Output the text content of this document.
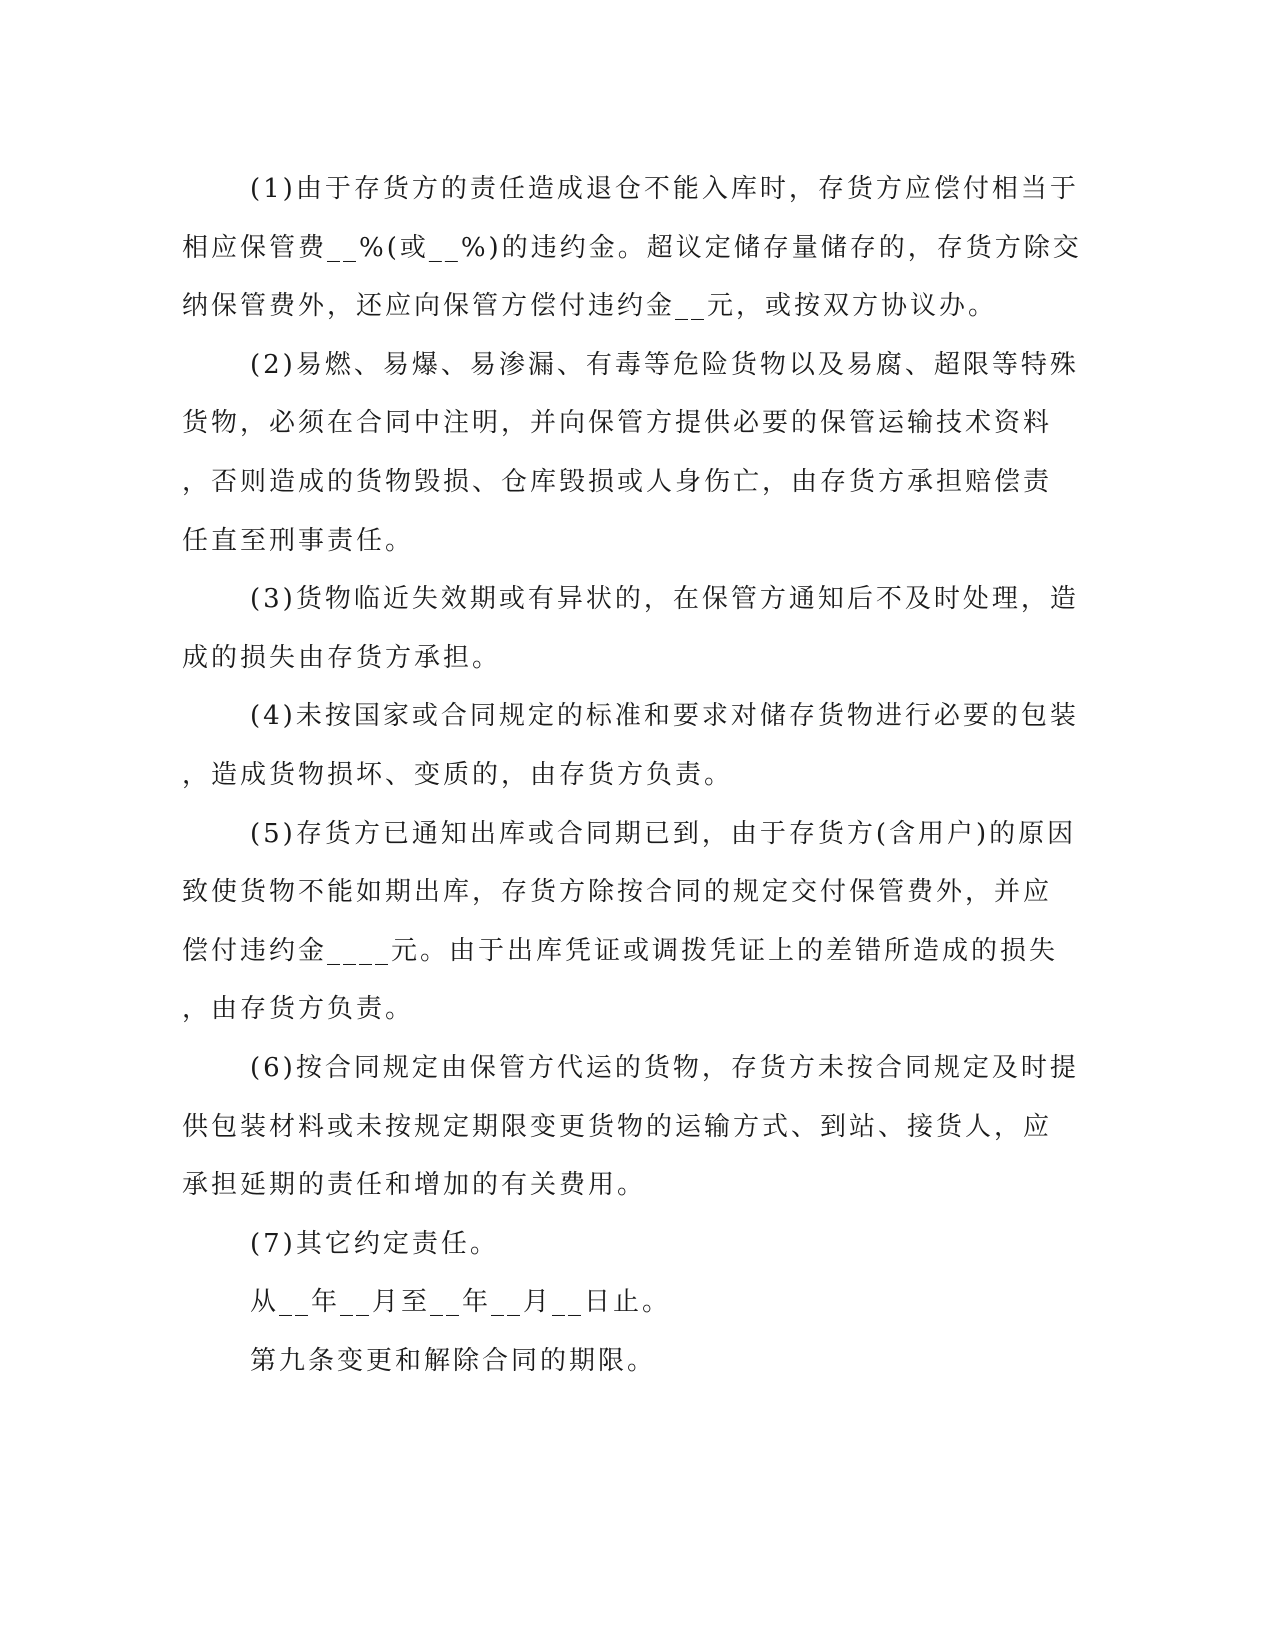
(1)由于存货方的责任造成退仓不能入库时，存货方应偿付相当于
相应保管费__%(或__%)的违约金。超议定储存量储存的，存货方除交
纳保管费外，还应向保管方偿付违约金__元，或按双方协议办。
(2)易燃、易爆、易渗漏、有毒等危险货物以及易腐、超限等特殊
货物，必须在合同中注明，并向保管方提供必要的保管运输技术资料
，否则造成的货物毁损、仓库毁损或人身伤亡，由存货方承担赔偿责
任直至刑事责任。
(3)货物临近失效期或有异状的，在保管方通知后不及时处理，造
成的损失由存货方承担。
(4)未按国家或合同规定的标准和要求对储存货物进行必要的包装
，造成货物损坏、变质的，由存货方负责。
(5)存货方已通知出库或合同期已到，由于存货方(含用户)的原因
致使货物不能如期出库，存货方除按合同的规定交付保管费外，并应
偿付违约金____元。由于出库凭证或调拨凭证上的差错所造成的损失
，由存货方负责。
(6)按合同规定由保管方代运的货物，存货方未按合同规定及时提
供包装材料或未按规定期限变更货物的运输方式、到站、接货人，应
承担延期的责任和增加的有关费用。
(7)其它约定责任。
从__年__月至__年__月__日止。
第九条变更和解除合同的期限。
